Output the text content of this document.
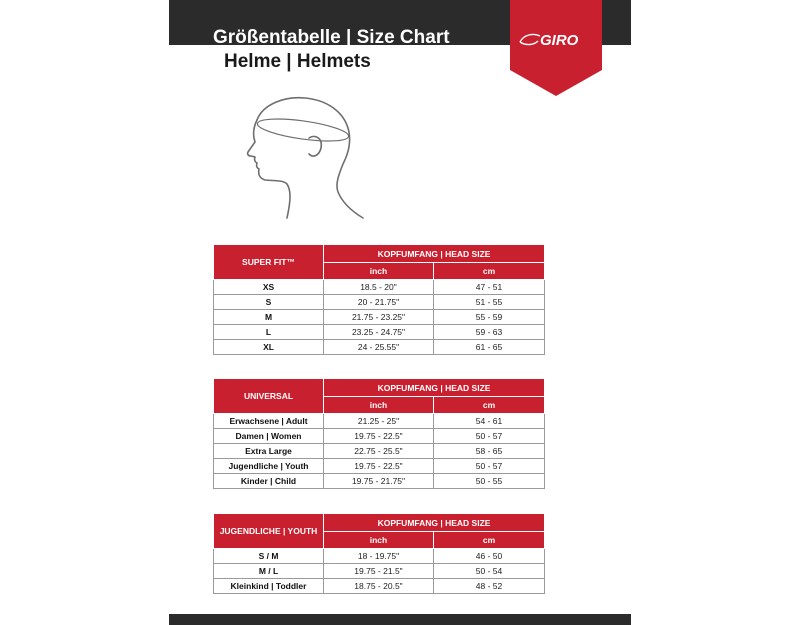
Größentabelle | Size Chart
Helme | Helmets
GIRO
SUPER FIT™	KOPFUMFANG | HEAD SIZE	
	inch	cm
XS	18.5 - 20"	47 - 51
S	20 - 21.75"	51 - 55
M	21.75 - 23.25"	55 - 59
L	23.25 - 24.75"	59 - 63
XL	24 - 25.55"	61 - 65
UNIVERSAL	KOPFUMFANG | HEAD SIZE	
	inch	cm
Erwachsene | Adult	21.25 - 25"	54 - 61
Damen | Women	19.75 - 22.5"	50 - 57
Extra Large	22.75 - 25.5"	58 - 65
Jugendliche | Youth	19.75 - 22.5"	50 - 57
Kinder | Child	19.75 - 21.75"	50 - 55
JUGENDLICHE | YOUTH	KOPFUMFANG | HEAD SIZE	
	inch	cm
S / M	18 - 19.75"	46 - 50
M / L	19.75 - 21.5"	50 - 54
Kleinkind | Toddler	18.75 - 20.5"	48 - 52
